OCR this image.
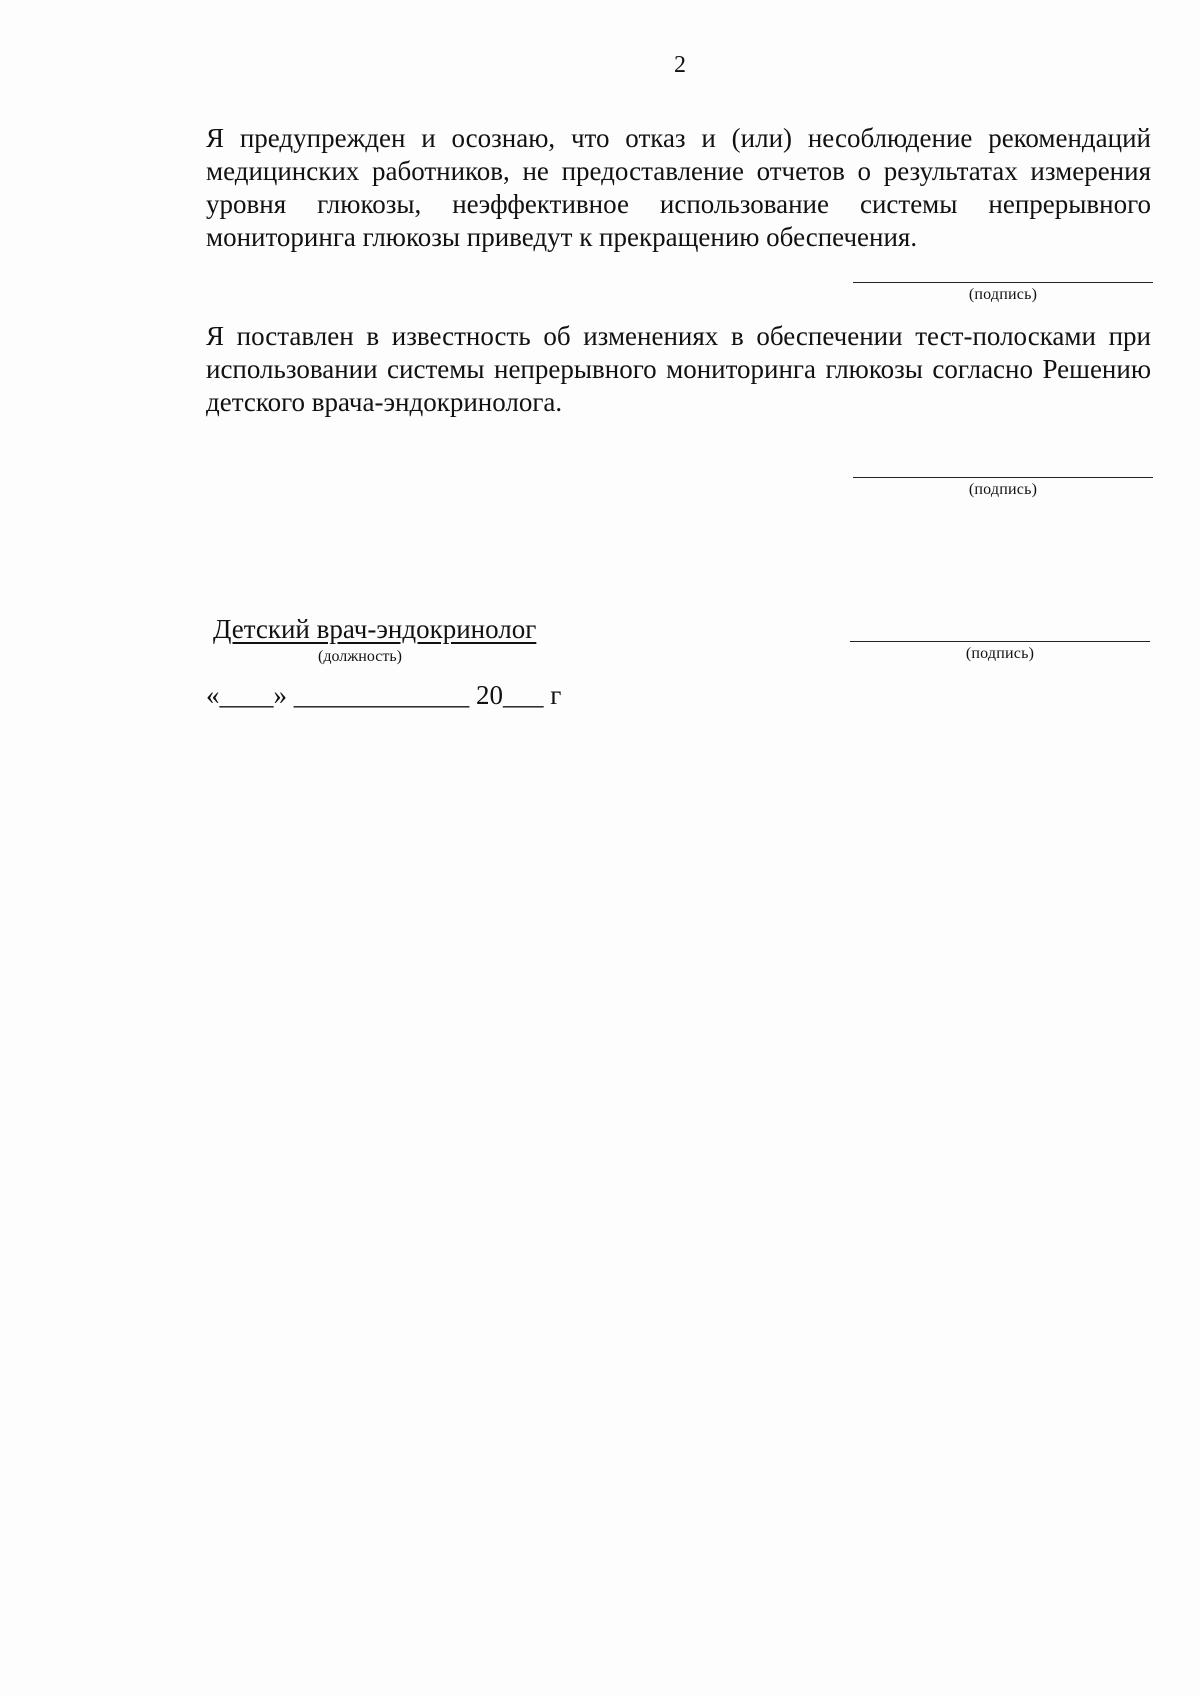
2
Я предупрежден и осознаю, что отказ и (или) несоблюдение рекомендаций медицинских работников, не предоставление отчетов о результатах измерения уровня глюкозы, неэффективное использование системы непрерывного мониторинга глюкозы приведут к прекращению обеспечения.
(подпись)
Я поставлен в известность об изменениях в обеспечении тест-полосками при использовании системы непрерывного мониторинга глюкозы согласно Решению детского врача-эндокринолога.
(подпись)
Детский врач-эндокринолог
(должность)	(подпись)
«____» _____________ 20___ г
